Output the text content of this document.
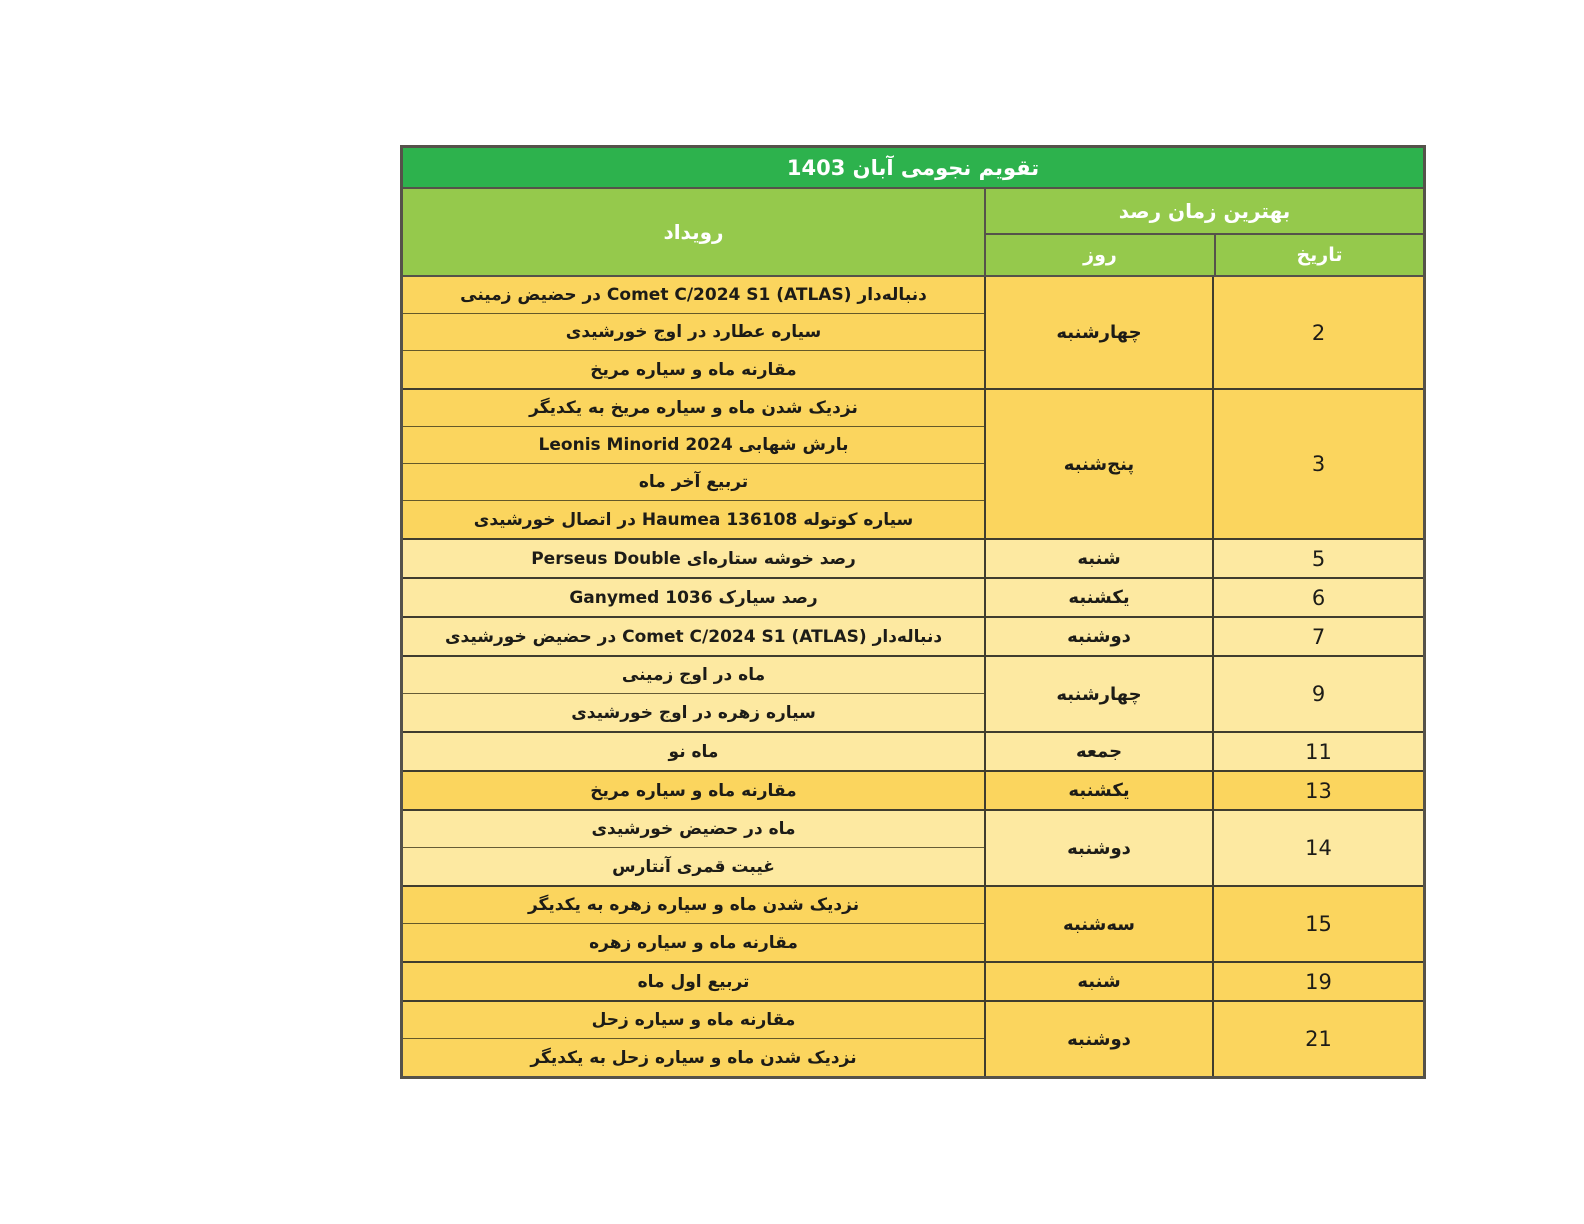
تقویم نجومی آبان 1403
رویداد
بهترین زمان رصد
روز	تاریخ
دنباله‌دار Comet C/2024 S1 (ATLAS)‎ در حضیض زمینی
سیاره عطارد در اوج خورشیدی
مقارنه ماه و سیاره مریخ
چهارشنبه	2
نزدیک شدن ماه و سیاره مریخ به یکدیگر
بارش شهابی Leonis Minorid 2024
تربیع آخر ماه
سیاره کوتوله 136108 Haumea در اتصال خورشیدی
پنج‌شنبه	3
رصد خوشه ستاره‌ای Perseus Double	شنبه	5
رصد سیارک 1036 Ganymed	یکشنبه	6
دنباله‌دار Comet C/2024 S1 (ATLAS)‎ در حضیض خورشیدی	دوشنبه	7
ماه در اوج زمینی
سیاره زهره در اوج خورشیدی
چهارشنبه	9
ماه نو	جمعه	11
مقارنه ماه و سیاره مریخ	یکشنبه	13
ماه در حضیض خورشیدی
غیبت قمری آنتارس
دوشنبه	14
نزدیک شدن ماه و سیاره زهره به یکدیگر
مقارنه ماه و سیاره زهره
سه‌شنبه	15
تربیع اول ماه	شنبه	19
مقارنه ماه و سیاره زحل
نزدیک شدن ماه و سیاره زحل به یکدیگر
دوشنبه	21
